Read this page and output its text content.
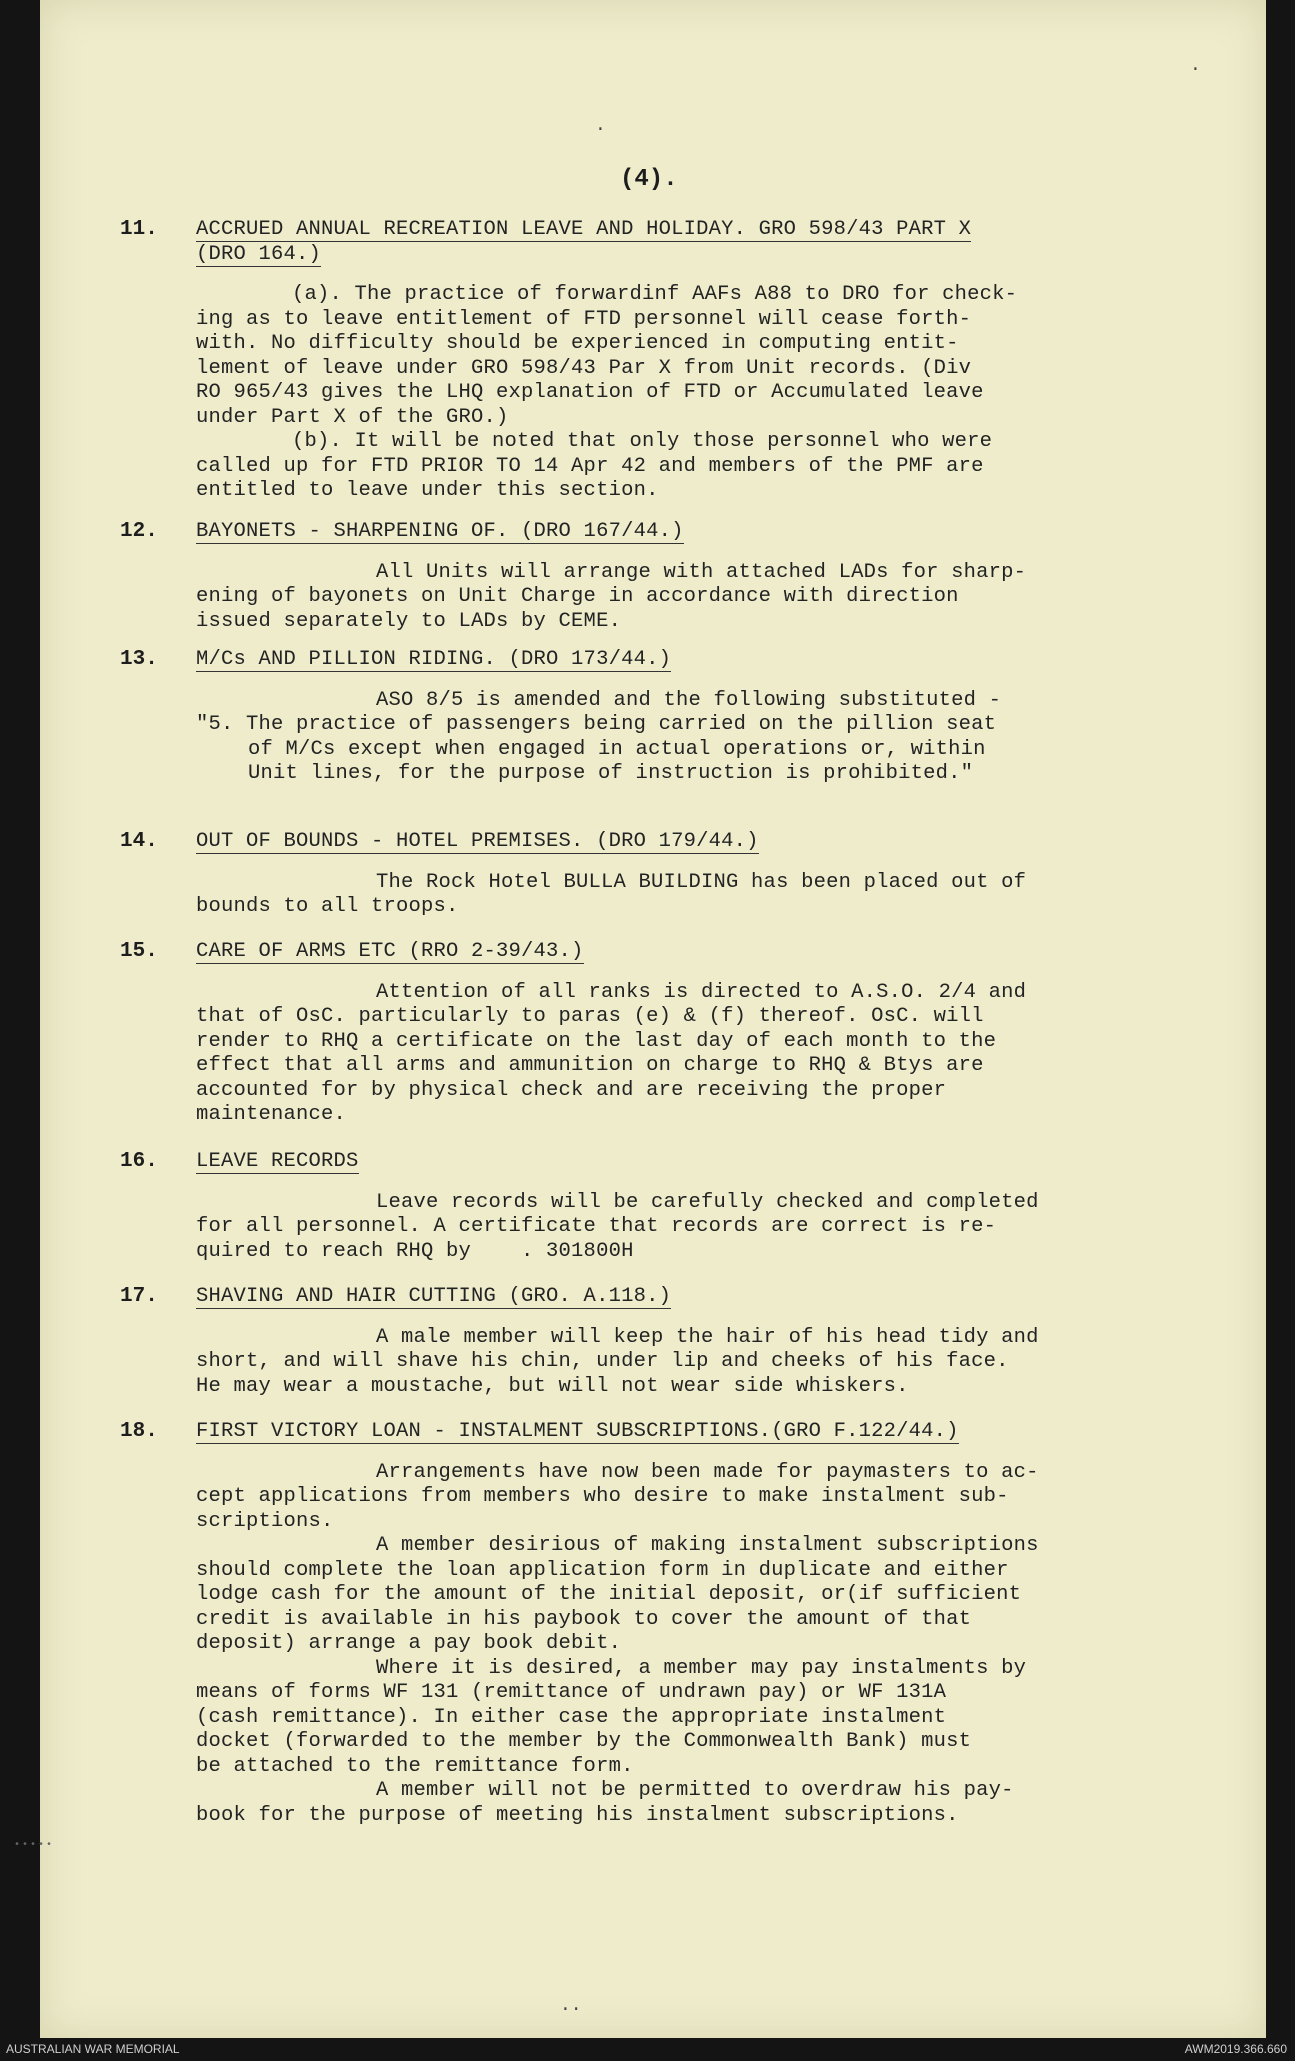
(4).
·
·
··
11. ACCRUED ANNUAL RECREATION LEAVE AND HOLIDAY. GRO 598/43 PART X
(DRO 164.)
(a). The practice of forwardinf AAFs A88 to DRO for check-
ing as to leave entitlement of FTD personnel will cease forth-
with. No difficulty should be experienced in computing entit-
lement of leave under GRO 598/43 Par X from Unit records. (Div
RO 965/43 gives the LHQ explanation of FTD or Accumulated leave
under Part X of the GRO.)
(b). It will be noted that only those personnel who were
called up for FTD PRIOR TO 14 Apr 42 and members of the PMF are
entitled to leave under this section.
12. BAYONETS - SHARPENING OF. (DRO 167/44.)
All Units will arrange with attached LADs for sharp-
ening of bayonets on Unit Charge in accordance with direction
issued separately to LADs by CEME.
13. M/Cs AND PILLION RIDING. (DRO 173/44.)
ASO 8/5 is amended and the following substituted -
"5. The practice of passengers being carried on the pillion seat
of M/Cs except when engaged in actual operations or, within
Unit lines, for the purpose of instruction is prohibited."
14. OUT OF BOUNDS - HOTEL PREMISES. (DRO 179/44.)
The Rock Hotel BULLA BUILDING has been placed out of
bounds to all troops.
15. CARE OF ARMS ETC (RRO 2-39/43.)
Attention of all ranks is directed to A.S.O. 2/4 and
that of OsC. particularly to paras (e) & (f) thereof. OsC. will
render to RHQ a certificate on the last day of each month to the
effect that all arms and ammunition on charge to RHQ & Btys are
accounted for by physical check and are receiving the proper
maintenance.
16. LEAVE RECORDS
Leave records will be carefully checked and completed
for all personnel. A certificate that records are correct is re-
quired to reach RHQ by    . 301800H
17. SHAVING AND HAIR CUTTING (GRO. A.118.)
A male member will keep the hair of his head tidy and
short, and will shave his chin, under lip and cheeks of his face.
He may wear a moustache, but will not wear side whiskers.
18. FIRST VICTORY LOAN - INSTALMENT SUBSCRIPTIONS.(GRO F.122/44.)
Arrangements have now been made for paymasters to ac-
cept applications from members who desire to make instalment sub-
scriptions.
A member desirious of making instalment subscriptions
should complete the loan application form in duplicate and either
lodge cash for the amount of the initial deposit, or(if sufficient
credit is available in his paybook to cover the amount of that
deposit) arrange a pay book debit.
Where it is desired, a member may pay instalments by
means of forms WF 131 (remittance of undrawn pay) or WF 131A
(cash remittance). In either case the appropriate instalment
docket (forwarded to the member by the Commonwealth Bank) must
be attached to the remittance form.
A member will not be permitted to overdraw his pay-
book for the purpose of meeting his instalment subscriptions.
•••••
AUSTRALIAN WAR MEMORIAL	AWM2019.366.660
